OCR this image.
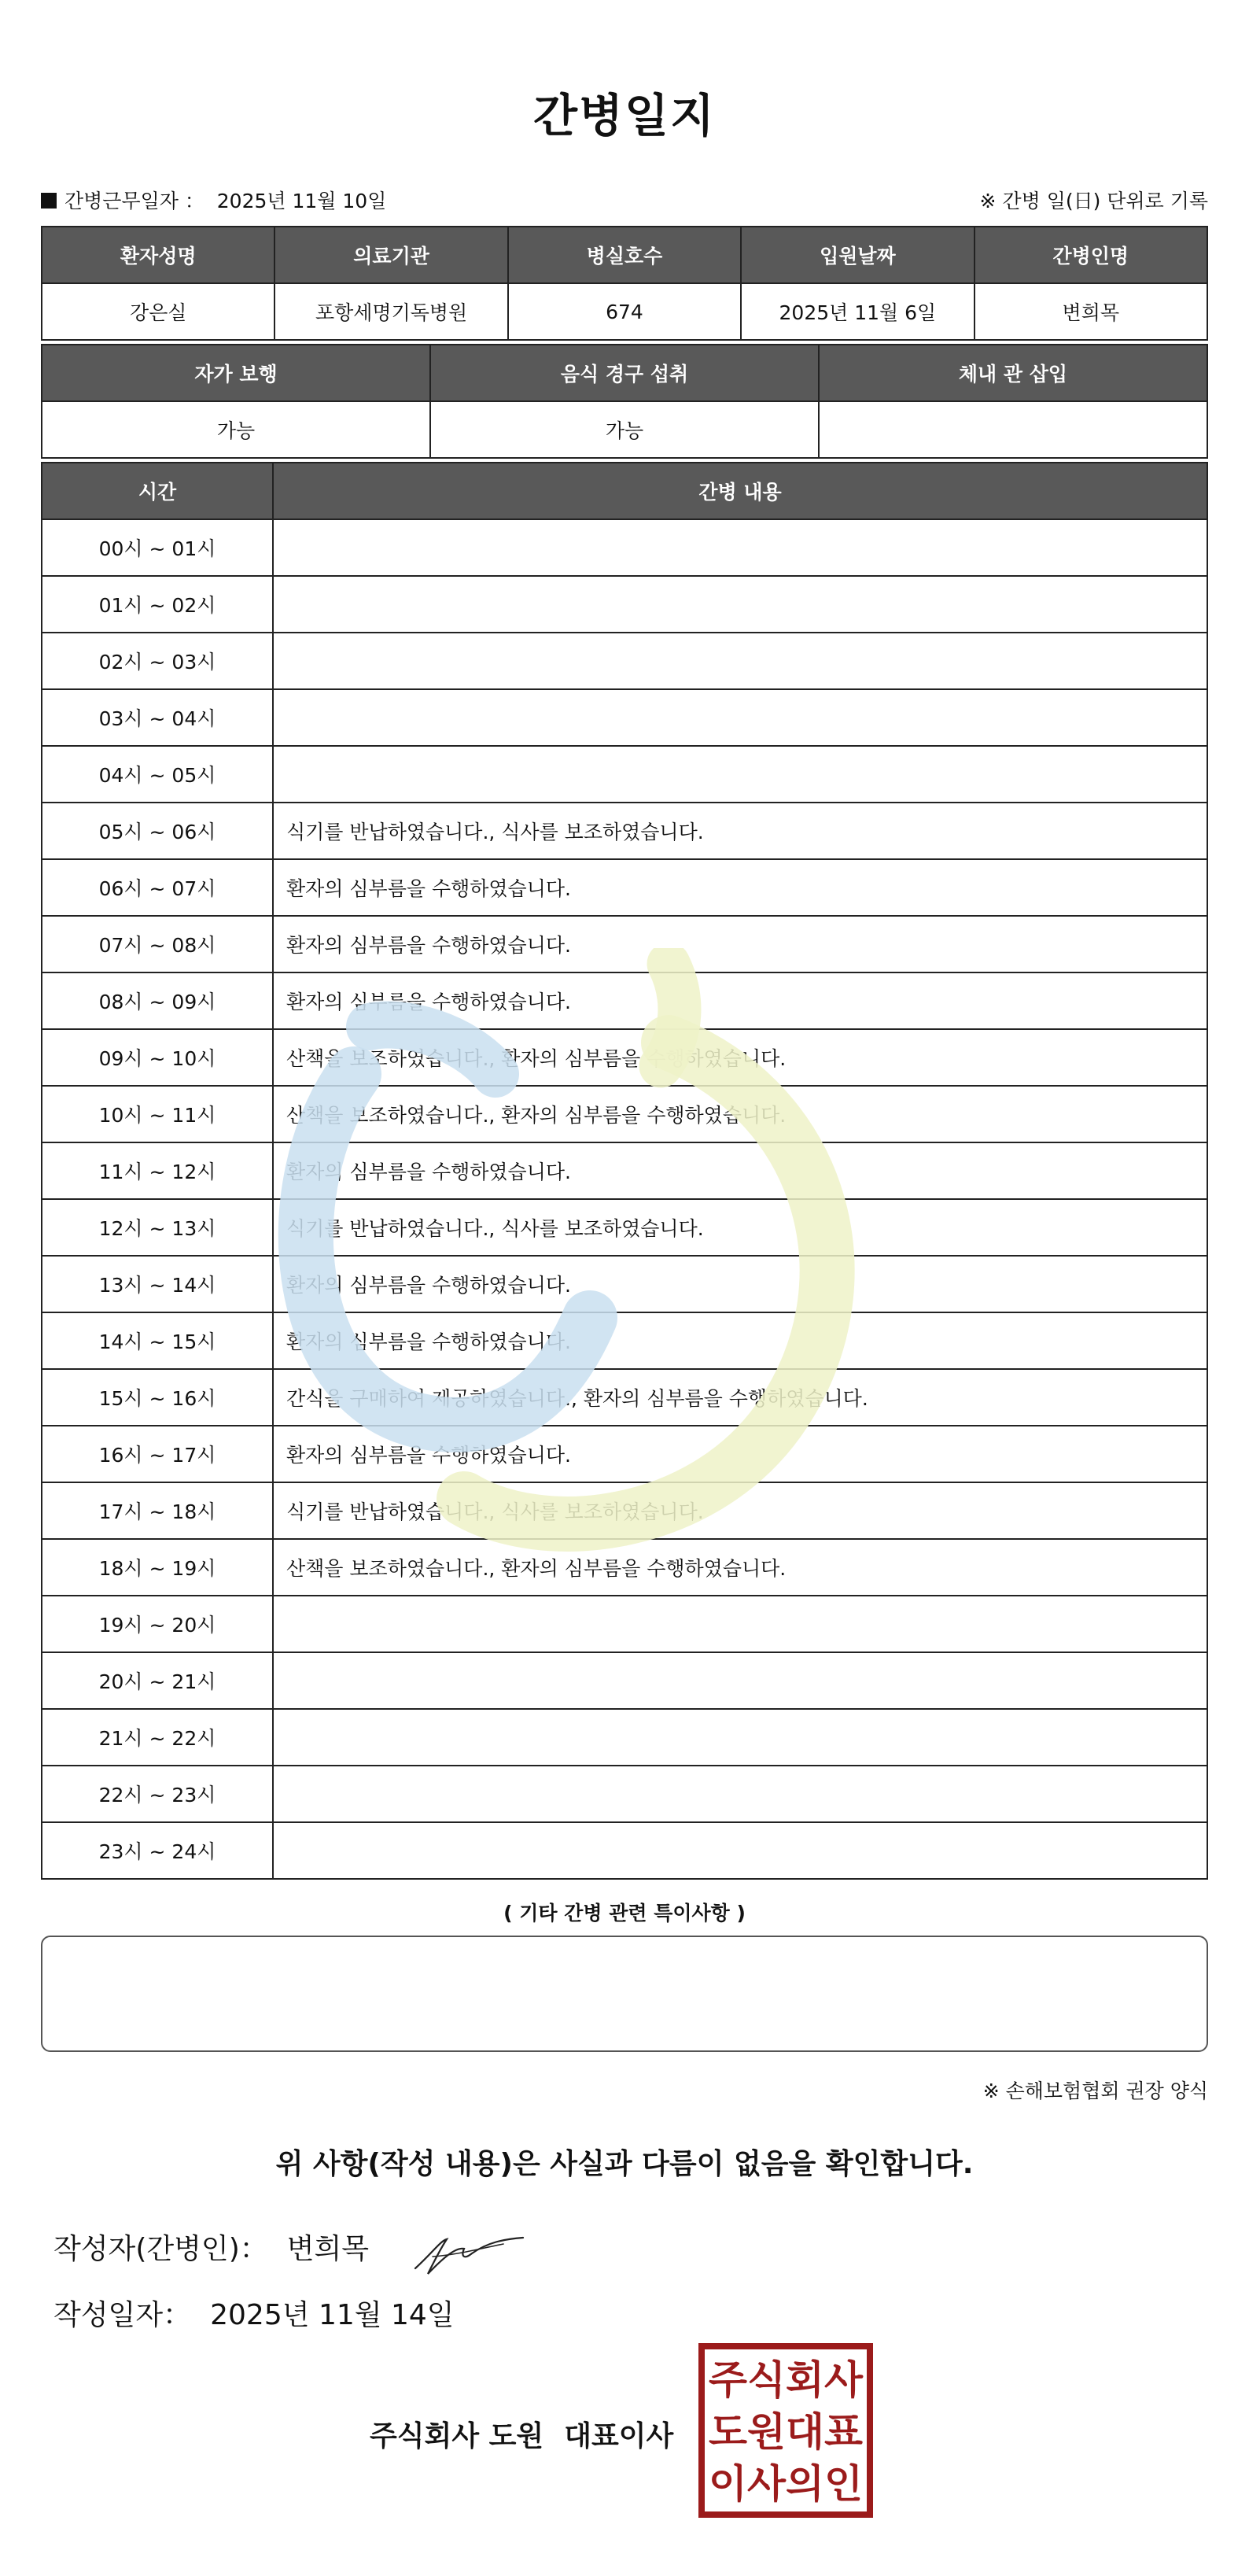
간병일지
간병근무일자 ： 2025년 11월 10일	※ 간병 일(日) 단위로 기록
환자성명	의료기관	병실호수	입원날짜	간병인명
강은실	포항세명기독병원	674	2025년 11월 6일	변희목
자가 보행	음식 경구 섭취	체내 관 삽입
가능	가능	
시간	간병 내용
00시 ~ 01시	
01시 ~ 02시	
02시 ~ 03시	
03시 ~ 04시	
04시 ~ 05시	
05시 ~ 06시	식기를 반납하였습니다., 식사를 보조하였습니다.
06시 ~ 07시	환자의 심부름을 수행하였습니다.
07시 ~ 08시	환자의 심부름을 수행하였습니다.
08시 ~ 09시	환자의 심부름을 수행하였습니다.
09시 ~ 10시	산책을 보조하였습니다., 환자의 심부름을 수행하였습니다.
10시 ~ 11시	산책을 보조하였습니다., 환자의 심부름을 수행하였습니다.
11시 ~ 12시	환자의 심부름을 수행하였습니다.
12시 ~ 13시	식기를 반납하였습니다., 식사를 보조하였습니다.
13시 ~ 14시	환자의 심부름을 수행하였습니다.
14시 ~ 15시	환자의 심부름을 수행하였습니다.
15시 ~ 16시	간식을 구매하여 제공하였습니다., 환자의 심부름을 수행하였습니다.
16시 ~ 17시	환자의 심부름을 수행하였습니다.
17시 ~ 18시	식기를 반납하였습니다., 식사를 보조하였습니다.
18시 ~ 19시	산책을 보조하였습니다., 환자의 심부름을 수행하였습니다.
19시 ~ 20시	
20시 ~ 21시	
21시 ~ 22시	
22시 ~ 23시	
23시 ~ 24시	
( 기타 간병 관련 특이사항 )
※ 손해보험협회 권장 양식
위 사항(작성 내용)은 사실과 다름이 없음을 확인합니다.
작성자(간병인)： 변희목
작성일자： 2025년 11월 14일
주식회사 도원 대표이사
주식회사
도원대표
이사의인
